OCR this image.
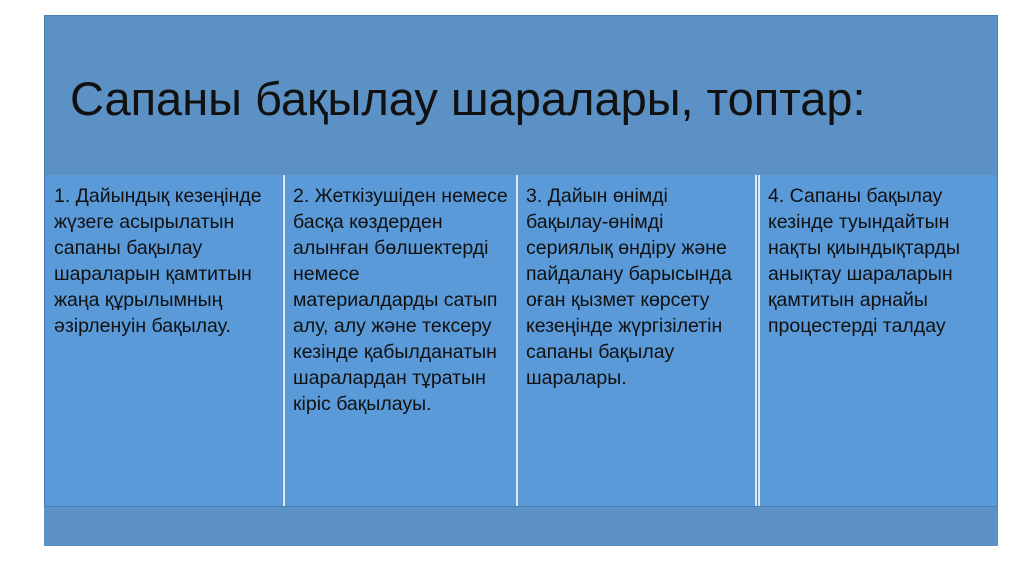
Сапаны бақылау шаралары, топтар:
1. Дайындық кезеңінде жүзеге асырылатын сапаны бақылау шараларын қамтитын жаңа құрылымның әзірленуін бақылау.
2. Жеткізушіден немесе басқа көздерден алынған бөлшектерді немесе материалдарды сатып алу, алу және тексеру кезінде қабылданатын шаралардан тұратын кіріс бақылауы.
3. Дайын өнімді бақылау-өнімді сериялық өндіру және пайдалану барысында оған қызмет көрсету кезеңінде жүргізілетін сапаны бақылау шаралары.
4. Сапаны бақылау кезінде туындайтын нақты қиындықтарды анықтау шараларын қамтитын арнайы процестерді талдау
